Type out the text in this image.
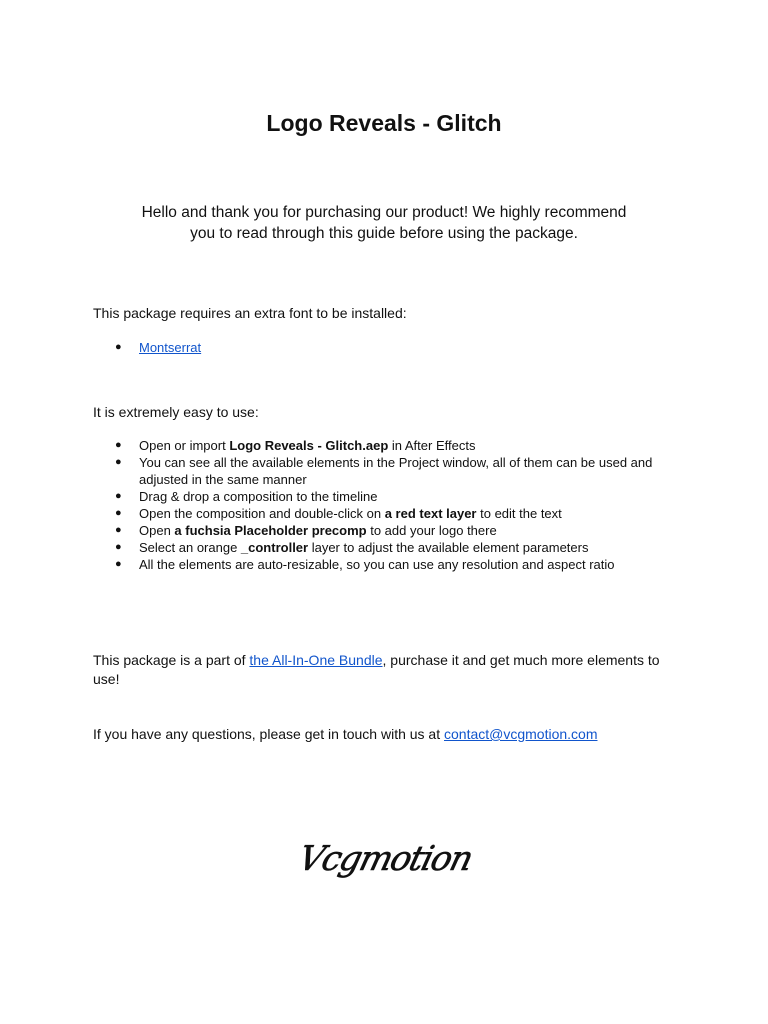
Logo Reveals - Glitch
Hello and thank you for purchasing our product! We highly recommend
you to read through this guide before using the package.
This package requires an extra font to be installed:
● Montserrat
It is extremely easy to use:
● Open or import Logo Reveals - Glitch.aep in After Effects
● You can see all the available elements in the Project window, all of them can be used and adjusted in the same manner
● Drag & drop a composition to the timeline
● Open the composition and double-click on a red text layer to edit the text
● Open a fuchsia Placeholder precomp to add your logo there
● Select an orange _controller layer to adjust the available element parameters
● All the elements are auto-resizable, so you can use any resolution and aspect ratio
This package is a part of the All-In-One Bundle, purchase it and get much more elements to use!
If you have any questions, please get in touch with us at contact@vcgmotion.com
Vcgmotion
